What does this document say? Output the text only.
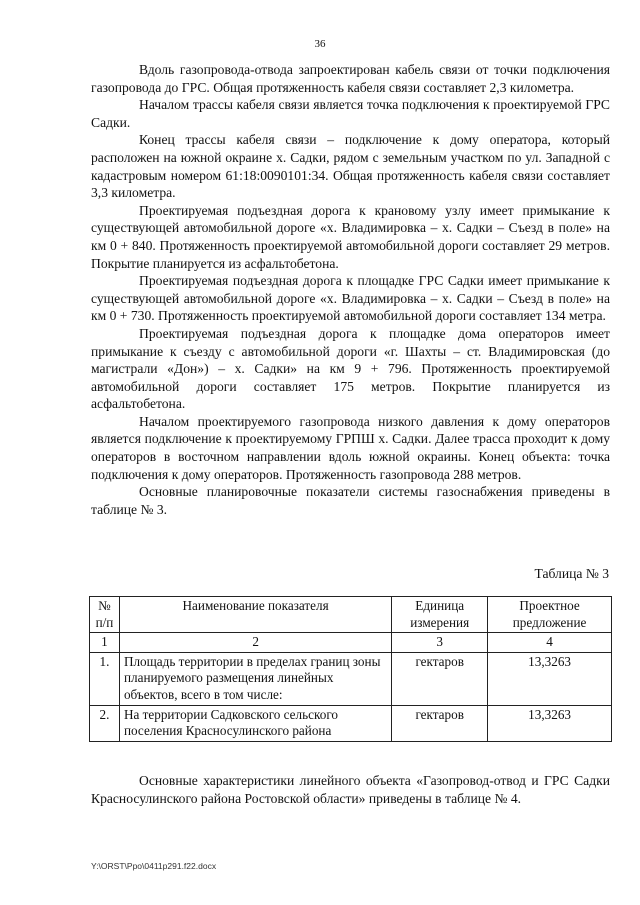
36

Вдоль газопровода-отвода запроектирован кабель связи от точки подключения газопровода до ГРС. Общая протяженность кабеля связи составляет 2,3 километра.

Началом трассы кабеля связи является точка подключения к проектируемой ГРС Садки.

Конец трассы кабеля связи – подключение к дому оператора, который расположен на южной окраине х. Садки, рядом с земельным участком по ул. Западной с кадастровым номером 61:18:0090101:34. Общая протяженность кабеля связи составляет 3,3 километра.

Проектируемая подъездная дорога к крановому узлу имеет примыкание к существующей автомобильной дороге «х. Владимировка – х. Садки – Съезд в поле» на км 0 + 840. Протяженность проектируемой автомобильной дороги составляет 29 метров. Покрытие планируется из асфальтобетона.

Проектируемая подъездная дорога к площадке ГРС Садки имеет примыкание к существующей автомобильной дороге «х. Владимировка – х. Садки – Съезд в поле» на км 0 + 730. Протяженность проектируемой автомобильной дороги составляет 134 метра.

Проектируемая подъездная дорога к площадке дома операторов имеет примыкание к съезду с автомобильной дороги «г. Шахты – ст. Владимировская (до магистрали «Дон») – х. Садки» на км 9 + 796. Протяженность проектируемой автомобильной дороги составляет 175 метров. Покрытие планируется из асфальтобетона.

Началом проектируемого газопровода низкого давления к дому операторов является подключение к проектируемому ГРПШ х. Садки. Далее трасса проходит к дому операторов в восточном направлении вдоль южной окраины. Конец объекта: точка подключения к дому операторов. Протяженность газопровода 288 метров.

Основные планировочные показатели системы газоснабжения приведены в таблице № 3.

Таблица № 3
№ п/п	Наименование показателя	Единица измерения	Проектное предложение
1	2	3	4
1.	Площадь территории в пределах границ зоны планируемого размещения линейных объектов, всего в том числе:	гектаров	13,3263
2.	На территории Садковского сельского поселения Красносулинского района	гектаров	13,3263

Основные характеристики линейного объекта «Газопровод-отвод и ГРС Садки Красносулинского района Ростовской области» приведены в таблице № 4.

Y:\ORST\Ppo\0411p291.f22.docx
